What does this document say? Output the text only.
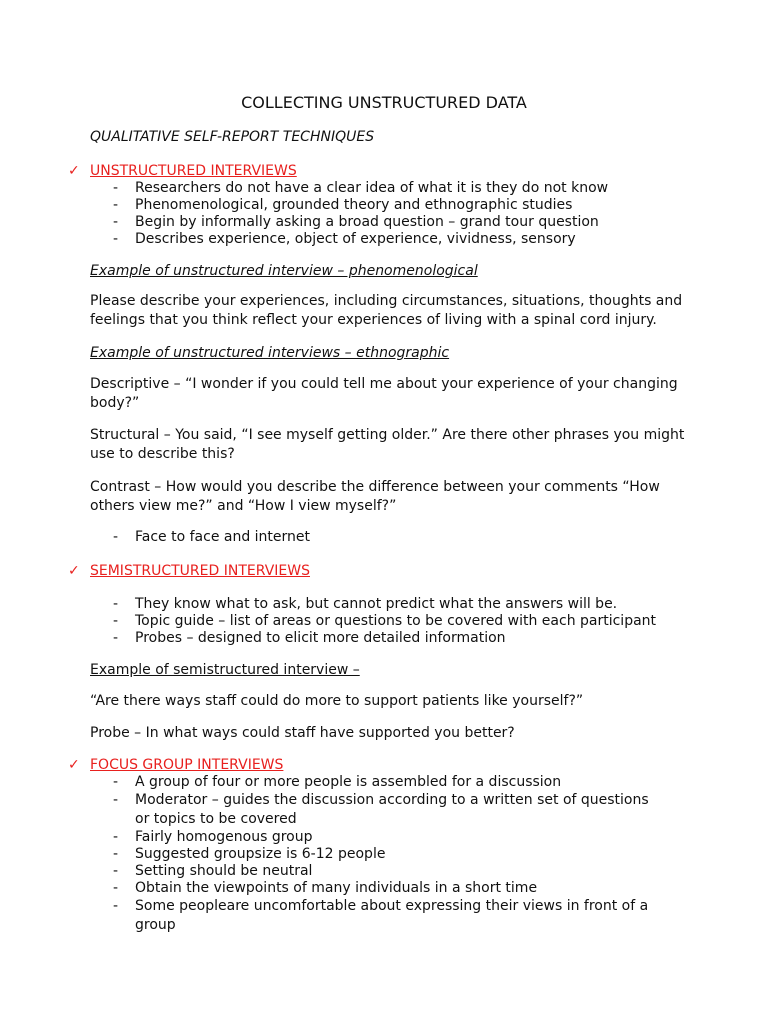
COLLECTING UNSTRUCTURED DATA

QUALITATIVE SELF-REPORT TECHNIQUES

✓ UNSTRUCTURED INTERVIEWS
- Researchers do not have a clear idea of what it is they do not know
- Phenomenological, grounded theory and ethnographic studies
- Begin by informally asking a broad question – grand tour question
- Describes experience, object of experience, vividness, sensory

Example of unstructured interview – phenomenological

Please describe your experiences, including circumstances, situations, thoughts and feelings that you think reflect your experiences of living with a spinal cord injury.

Example of unstructured interviews – ethnographic

Descriptive – “I wonder if you could tell me about your experience of your changing body?”

Structural – You said, “I see myself getting older.” Are there other phrases you might use to describe this?

Contrast – How would you describe the difference between your comments “How others view me?” and “How I view myself?”

- Face to face and internet
✓ SEMISTRUCTURED INTERVIEWS
- They know what to ask, but cannot predict what the answers will be.
- Topic guide – list of areas or questions to be covered with each participant
- Probes – designed to elicit more detailed information

Example of semistructured interview –

“Are there ways staff could do more to support patients like yourself?”

Probe – In what ways could staff have supported you better?

✓ FOCUS GROUP INTERVIEWS
- A group of four or more people is assembled for a discussion
- Moderator – guides the discussion according to a written set of questions or topics to be covered
- Fairly homogenous group
- Suggested groupsize is 6-12 people
- Setting should be neutral
- Obtain the viewpoints of many individuals in a short time
- Some peopleare uncomfortable about expressing their views in front of a group
